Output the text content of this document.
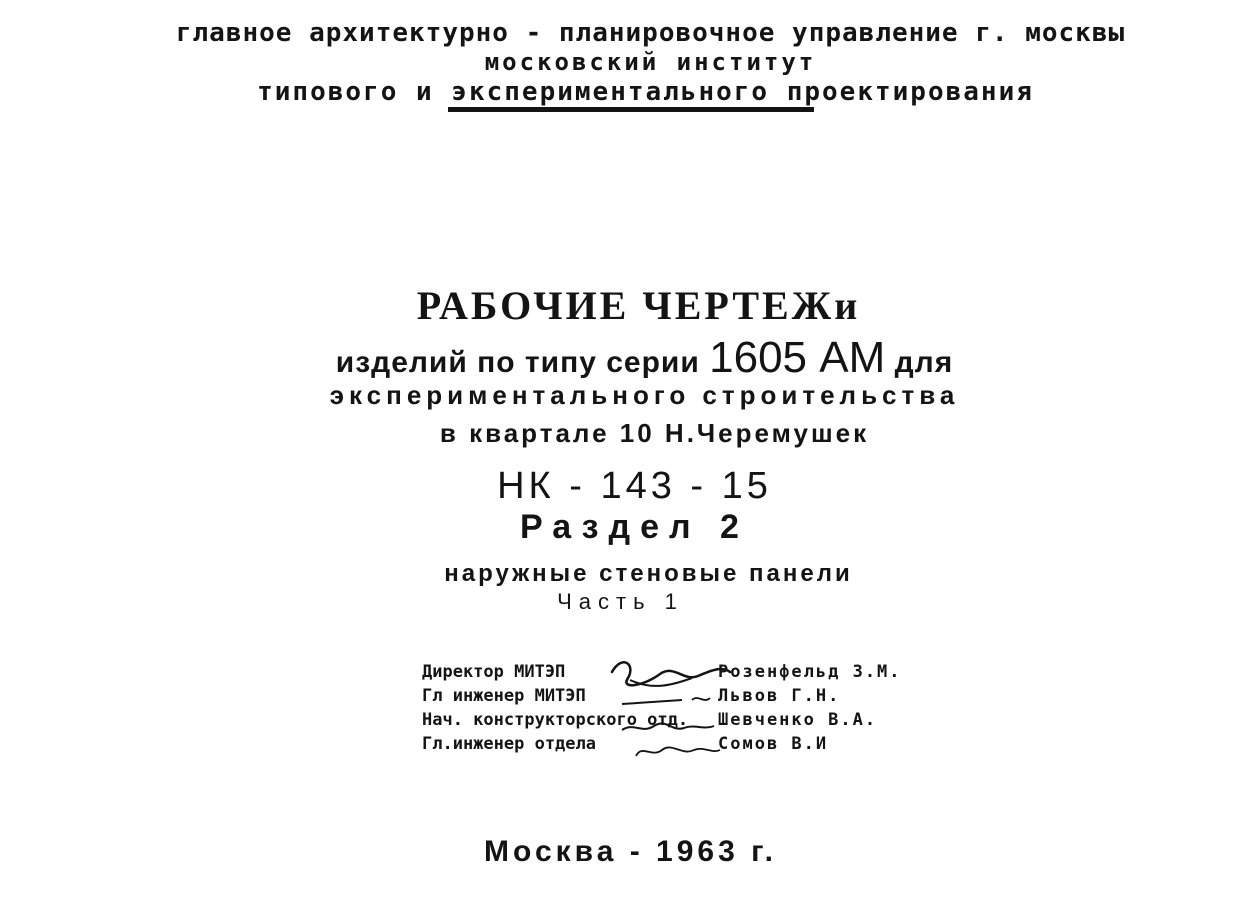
главное архитектурно - планировочное управление г. москвы
московский институт
типового и экспериментального проектирования
РАБОЧИЕ ЧЕРТЕЖи
изделий по типу серии 1605 АМ для
экспериментального строительства
в квартале 10 Н.Черемушек
НК - 143 - 15
Раздел 2
наружные стеновые панели
Часть 1
Директор МИТЭП	Розенфельд З.М.
Гл инженер МИТЭП	Львов Г.Н.
Нач. конструкторского отд. Шевченко В.А.
Гл.инженер отдела	Сомов В.И
Москва - 1963 г.
